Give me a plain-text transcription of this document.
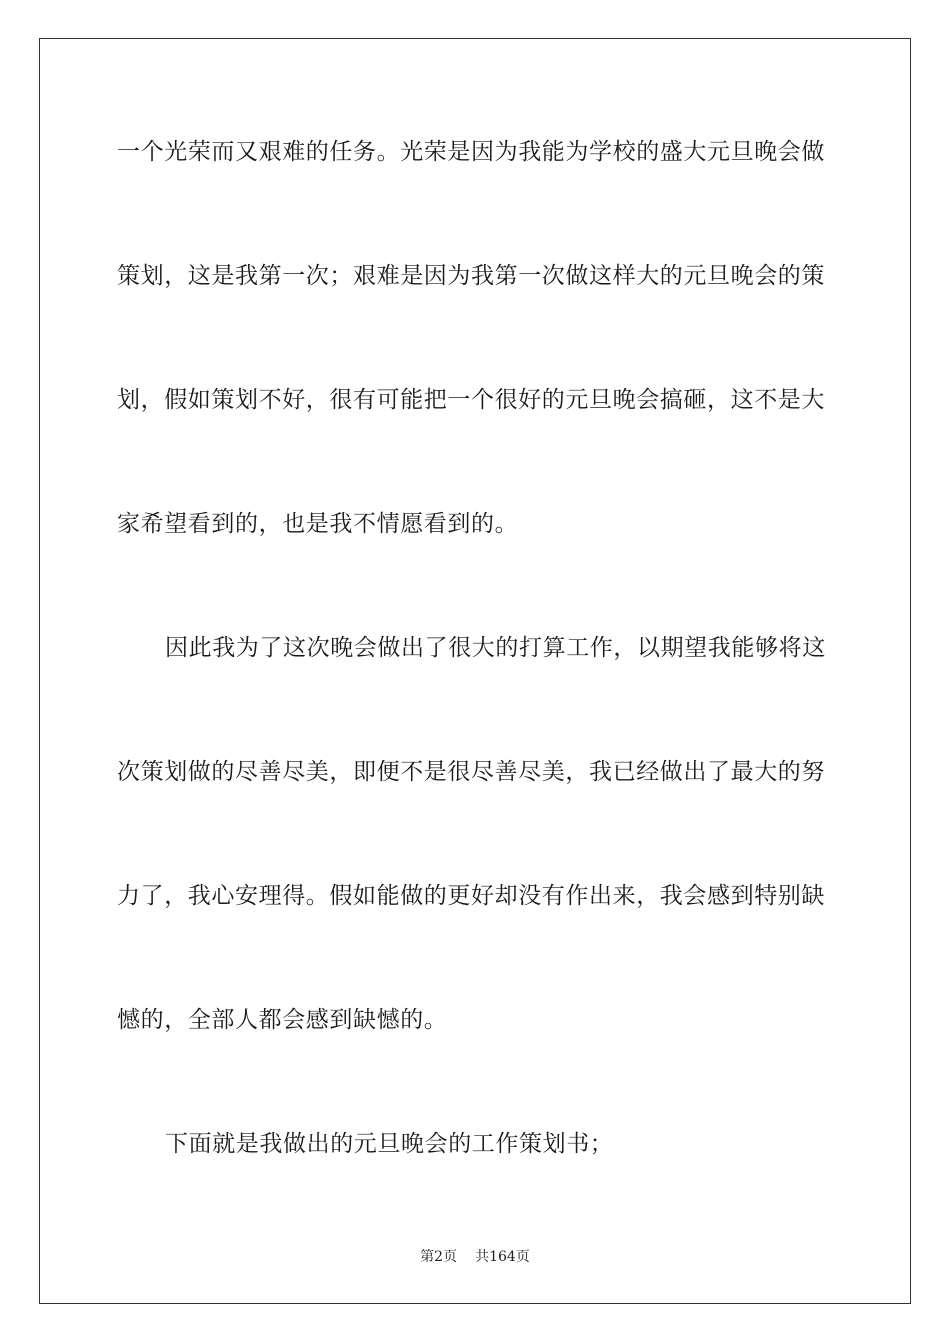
一个光荣而又艰难的任务。光荣是因为我能为学校的盛大元旦晚会做
策划，这是我第一次；艰难是因为我第一次做这样大的元旦晚会的策
划，假如策划不好，很有可能把一个很好的元旦晚会搞砸，这不是大
家希望看到的，也是我不情愿看到的。
因此我为了这次晚会做出了很大的打算工作，以期望我能够将这
次策划做的尽善尽美，即便不是很尽善尽美，我已经做出了最大的努
力了，我心安理得。假如能做的更好却没有作出来，我会感到特别缺
憾的，全部人都会感到缺憾的。
下面就是我做出的元旦晚会的工作策划书；
第2页 共164页
